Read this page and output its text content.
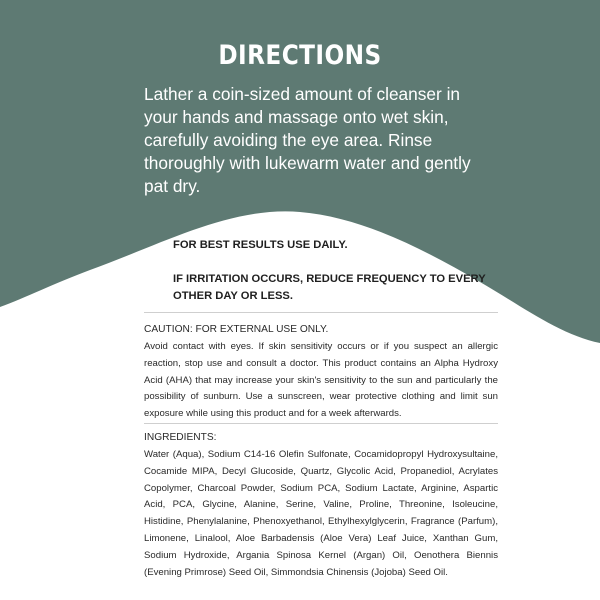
DIRECTIONS
Lather a coin-sized amount of cleanser in your hands and massage onto wet skin, carefully avoiding the eye area. Rinse thoroughly with lukewarm water and gently pat dry.

FOR BEST RESULTS USE DAILY.

IF IRRITATION OCCURS, REDUCE FREQUENCY TO EVERY OTHER DAY OR LESS.

CAUTION: FOR EXTERNAL USE ONLY.

Avoid contact with eyes. If skin sensitivity occurs or if you suspect an allergic reaction, stop use and consult a doctor. This product contains an Alpha Hydroxy Acid (AHA) that may increase your skin's sensitivity to the sun and particularly the possibility of sunburn. Use a sunscreen, wear protective clothing and limit sun exposure while using this product and for a week afterwards.

INGREDIENTS:

Water (Aqua), Sodium C14-16 Olefin Sulfonate, Cocamidopropyl Hydroxysultaine, Cocamide MIPA, Decyl Glucoside, Quartz, Glycolic Acid, Propanediol, Acrylates Copolymer, Charcoal Powder, Sodium PCA, Sodium Lactate, Arginine, Aspartic Acid, PCA, Glycine, Alanine, Serine, Valine, Proline, Threonine, Isoleucine, Histidine, Phenylalanine, Phenoxyethanol, Ethylhexylglycerin, Fragrance (Parfum), Limonene, Linalool, Aloe Barbadensis (Aloe Vera) Leaf Juice, Xanthan Gum, Sodium Hydroxide, Argania Spinosa Kernel (Argan) Oil, Oenothera Biennis (Evening Primrose) Seed Oil, Simmondsia Chinensis (Jojoba) Seed Oil.
